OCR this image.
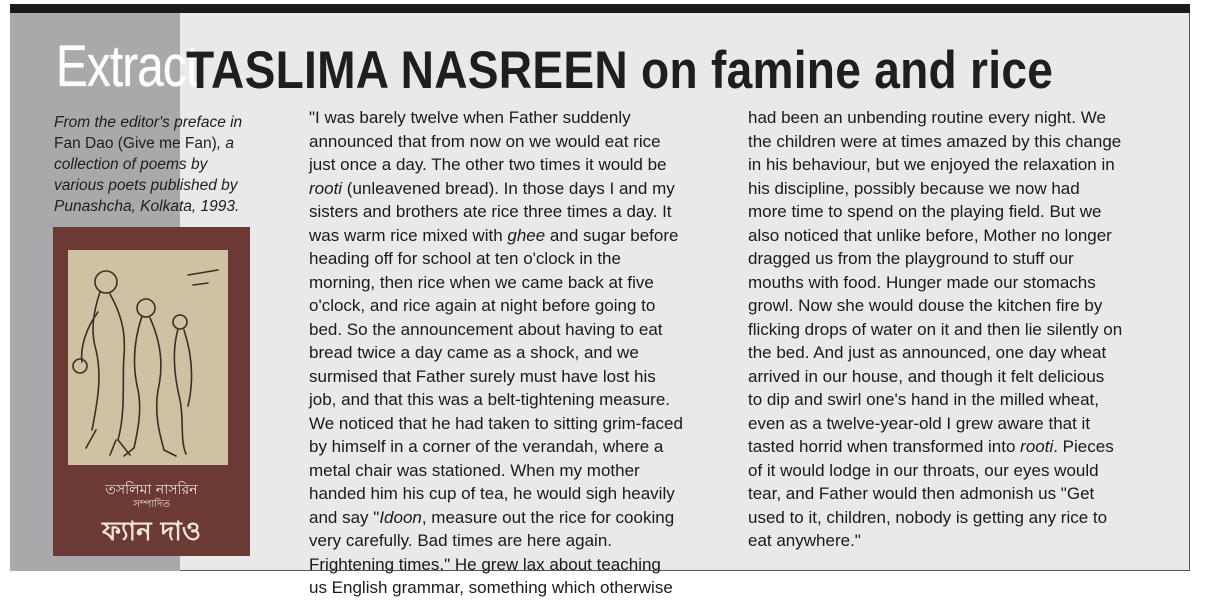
Extract
TASLIMA NASREEN on famine and rice
From the editor's preface in
Fan Dao (Give me Fan), a
collection of poems by
various poets published by
Punashcha, Kolkata, 1993.
তসলিমা নাসরিন
সম্পাদিত
ফ্যান দাও
"I was barely twelve when Father suddenly
announced that from now on we would eat rice
just once a day. The other two times it would be
rooti (unleavened bread). In those days I and my
sisters and brothers ate rice three times a day. It
was warm rice mixed with ghee and sugar before
heading off for school at ten o'clock in the
morning, then rice when we came back at five
o'clock, and rice again at night before going to
bed. So the announcement about having to eat
bread twice a day came as a shock, and we
surmised that Father surely must have lost his
job, and that this was a belt-tightening measure.
We noticed that he had taken to sitting grim-faced
by himself in a corner of the verandah, where a
metal chair was stationed. When my mother
handed him his cup of tea, he would sigh heavily
and say "Idoon, measure out the rice for cooking
very carefully. Bad times are here again.
Frightening times." He grew lax about teaching
us English grammar, something which otherwise
had been an unbending routine every night. We
the children were at times amazed by this change
in his behaviour, but we enjoyed the relaxation in
his discipline, possibly because we now had
more time to spend on the playing field. But we
also noticed that unlike before, Mother no longer
dragged us from the playground to stuff our
mouths with food. Hunger made our stomachs
growl. Now she would douse the kitchen fire by
flicking drops of water on it and then lie silently on
the bed. And just as announced, one day wheat
arrived in our house, and though it felt delicious
to dip and swirl one's hand in the milled wheat,
even as a twelve-year-old I grew aware that it
tasted horrid when transformed into rooti. Pieces
of it would lodge in our throats, our eyes would
tear, and Father would then admonish us "Get
used to it, children, nobody is getting any rice to
eat anywhere."
